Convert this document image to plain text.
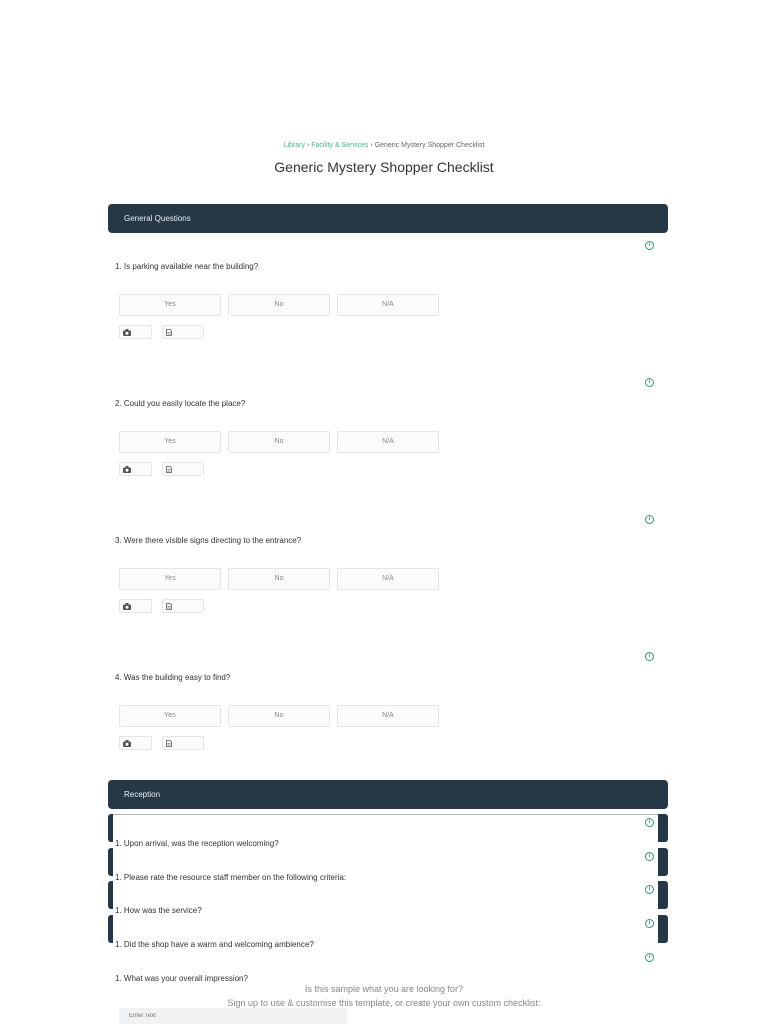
Library › Facility & Services › Generic Mystery Shopper Checklist
Generic Mystery Shopper Checklist
General Questions
i
1. Is parking available near the building?
Yes	No	N/A
i
2. Could you easily locate the place?
Yes	No	N/A
i
3. Were there visible signs directing to the entrance?
Yes	No	N/A
i
4. Was the building easy to find?
Yes	No	N/A
Reception
i
1. Upon arrival, was the reception welcoming?
i
1. Please rate the resource staff member on the following criteria:
i
1. How was the service?
i
1. Did the shop have a warm and welcoming ambience?
i
1. What was your overall impression?
Is this sample what you are looking for?
Sign up to use & customise this template, or create your own custom checklist:
Enter Text
